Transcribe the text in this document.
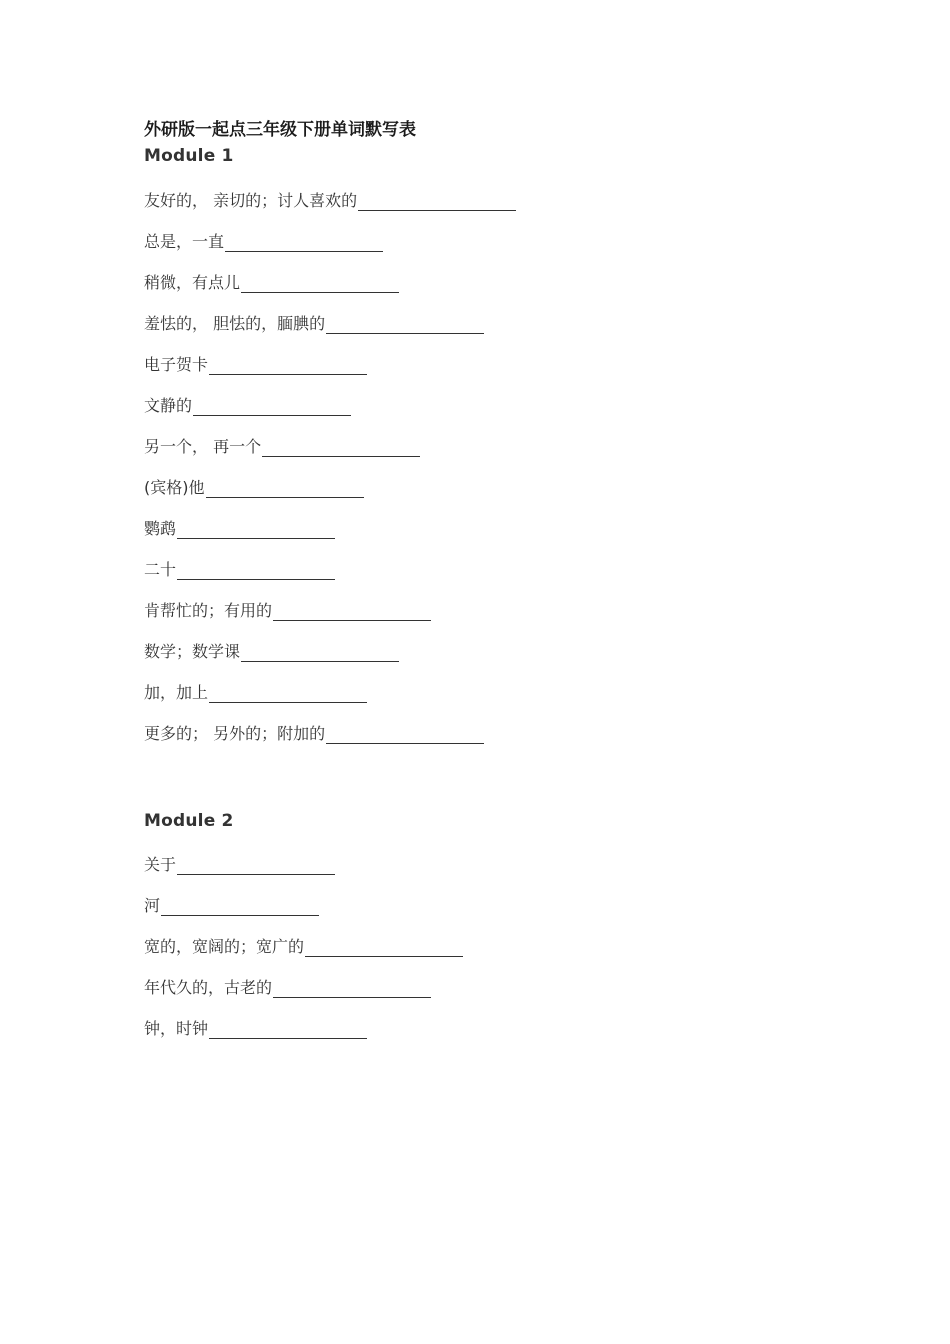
外研版一起点三年级下册单词默写表
Module 1
友好的， 亲切的；讨人喜欢的
总是，一直
稍微，有点儿
羞怯的， 胆怯的，腼腆的
电子贺卡
文静的
另一个， 再一个
(宾格)他
鹦鹉
二十
肯帮忙的；有用的
数学；数学课
加，加上
更多的； 另外的；附加的
Module 2
关于
河
宽的，宽阔的；宽广的
年代久的，古老的
钟，时钟
